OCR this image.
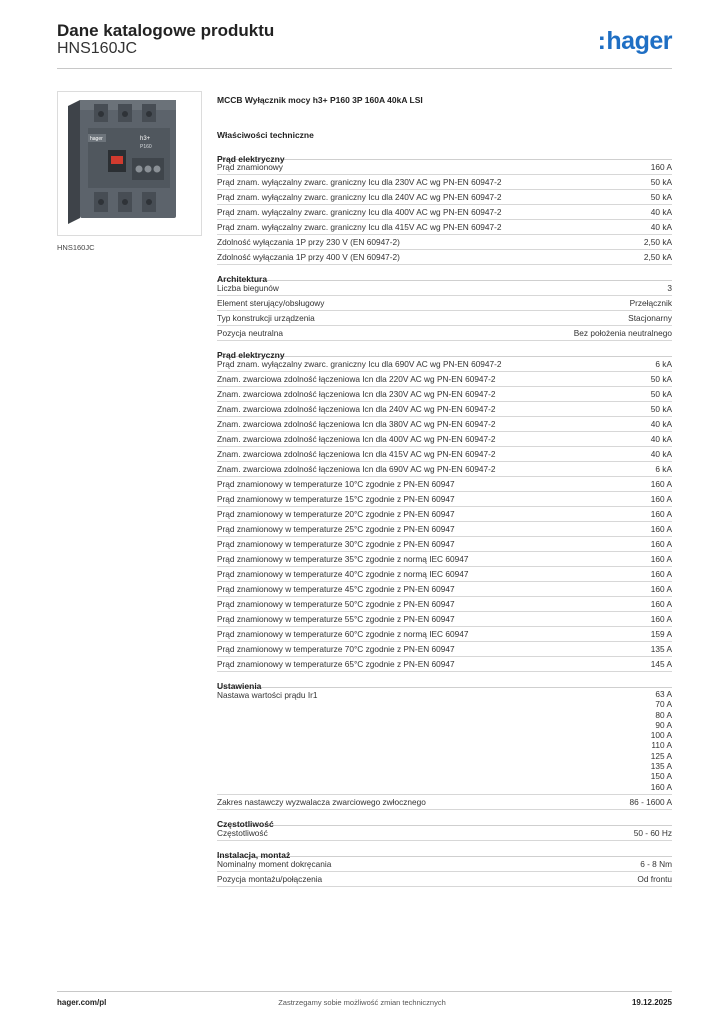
Dane katalogowe produktu
HNS160JC	:hager
hager	h3+
P160
HNS160JC
MCCB Wyłącznik mocy h3+ P160 3P 160A 40kA LSI
Właściwości techniczne
Prąd elektryczny
Prąd znamionowy	160 A
Prąd znam. wyłączalny zwarc. graniczny Icu dla 230V AC wg PN-EN 60947-2	50 kA
Prąd znam. wyłączalny zwarc. graniczny Icu dla 240V AC wg PN-EN 60947-2	50 kA
Prąd znam. wyłączalny zwarc. graniczny Icu dla 400V AC wg PN-EN 60947-2	40 kA
Prąd znam. wyłączalny zwarc. graniczny Icu dla 415V AC wg PN-EN 60947-2	40 kA
Zdolność wyłączania 1P przy 230 V (EN 60947-2)	2,50 kA
Zdolność wyłączania 1P przy 400 V (EN 60947-2)	2,50 kA
Architektura
Liczba biegunów	3
Element sterujący/obsługowy	Przełącznik
Typ konstrukcji urządzenia	Stacjonarny
Pozycja neutralna	Bez położenia neutralnego
Prąd elektryczny
Prąd znam. wyłączalny zwarc. graniczny Icu dla 690V AC wg PN-EN 60947-2	6 kA
Znam. zwarciowa zdolność łączeniowa Icn dla 220V AC wg PN-EN 60947-2	50 kA
Znam. zwarciowa zdolność łączeniowa Icn dla 230V AC wg PN-EN 60947-2	50 kA
Znam. zwarciowa zdolność łączeniowa Icn dla 240V AC wg PN-EN 60947-2	50 kA
Znam. zwarciowa zdolność łączeniowa Icn dla 380V AC wg PN-EN 60947-2	40 kA
Znam. zwarciowa zdolność łączeniowa Icn dla 400V AC wg PN-EN 60947-2	40 kA
Znam. zwarciowa zdolność łączeniowa Icn dla 415V AC wg PN-EN 60947-2	40 kA
Znam. zwarciowa zdolność łączeniowa Icn dla 690V AC wg PN-EN 60947-2	6 kA
Prąd znamionowy w temperaturze 10°C zgodnie z PN-EN 60947	160 A
Prąd znamionowy w temperaturze 15°C zgodnie z PN-EN 60947	160 A
Prąd znamionowy w temperaturze 20°C zgodnie z PN-EN 60947	160 A
Prąd znamionowy w temperaturze 25°C zgodnie z PN-EN 60947	160 A
Prąd znamionowy w temperaturze 30°C zgodnie z PN-EN 60947	160 A
Prąd znamionowy w temperaturze 35°C zgodnie z normą IEC 60947	160 A
Prąd znamionowy w temperaturze 40°C zgodnie z normą IEC 60947	160 A
Prąd znamionowy w temperaturze 45°C zgodnie z PN-EN 60947	160 A
Prąd znamionowy w temperaturze 50°C zgodnie z PN-EN 60947	160 A
Prąd znamionowy w temperaturze 55°C zgodnie z PN-EN 60947	160 A
Prąd znamionowy w temperaturze 60°C zgodnie z normą IEC 60947	159 A
Prąd znamionowy w temperaturze 70°C zgodnie z PN-EN 60947	135 A
Prąd znamionowy w temperaturze 65°C zgodnie z PN-EN 60947	145 A
Ustawienia
Nastawa wartości prądu Ir1	63 A
70 A
80 A
90 A
100 A
110 A
125 A
135 A
150 A
160 A
Zakres nastawczy wyzwalacza zwarciowego zwłocznego	86 - 1600 A
Częstotliwość
Częstotliwość	50 - 60 Hz
Instalacja, montaż
Nominalny moment dokręcania	6 - 8 Nm
Pozycja montażu/połączenia	Od frontu
hager.com/pl	Zastrzegamy sobie możliwość zmian technicznych	19.12.2025
